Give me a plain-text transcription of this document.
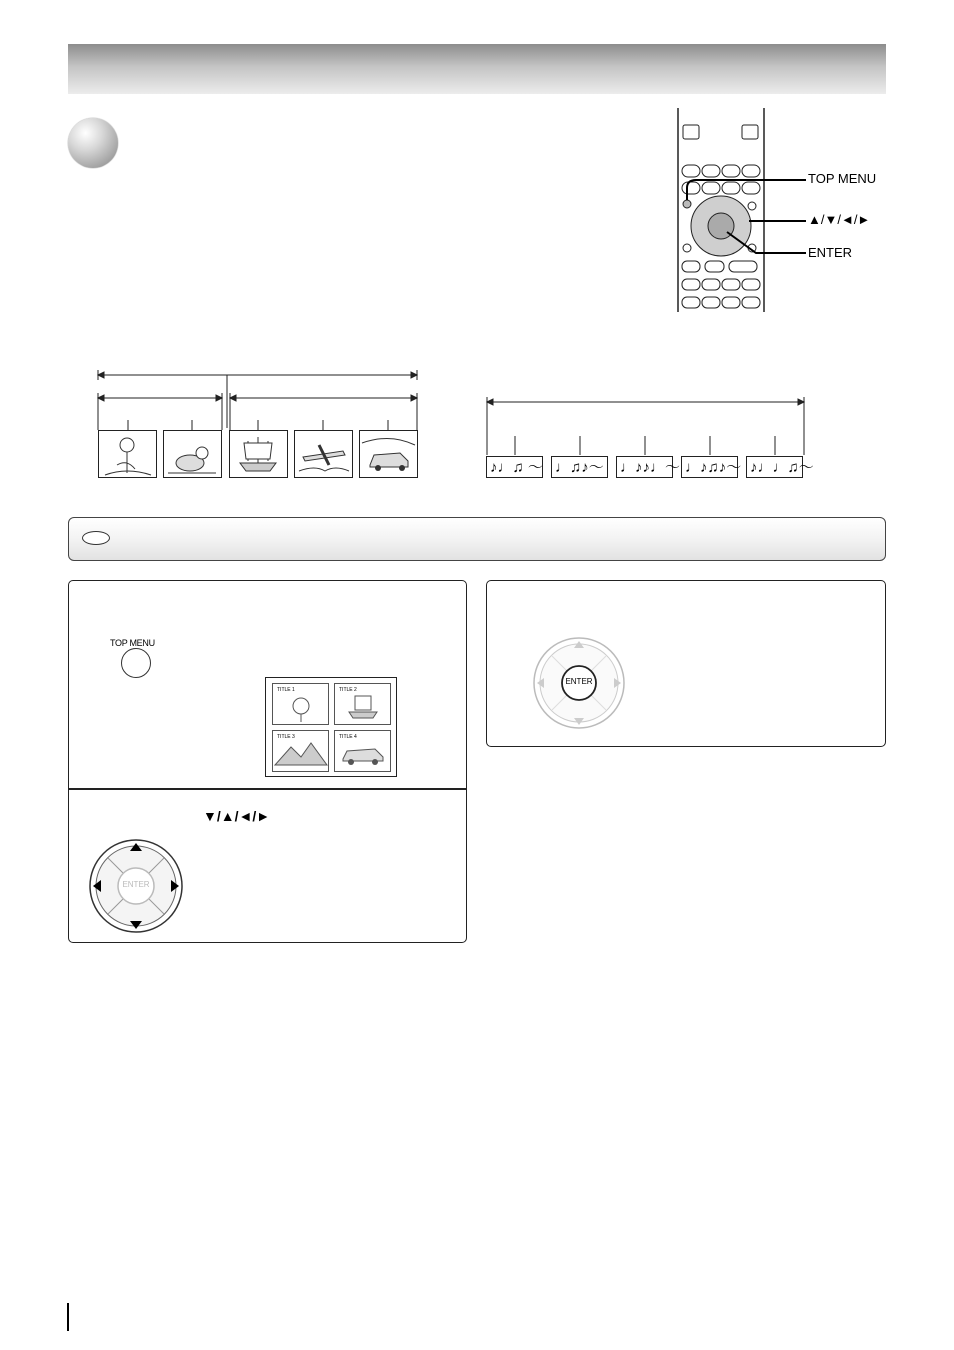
TOP MENU
▲/▼/◄/►
ENTER
♪♩♫ ～ ♩♫♪～ ♩♪♪♩～ ♩♪♫♪～ ♪♩♩♫～
TOP MENU
TITLE 1	TITLE 2
TITLE 3	TITLE 4
▼/▲/◄/►
ENTER
ENTER
